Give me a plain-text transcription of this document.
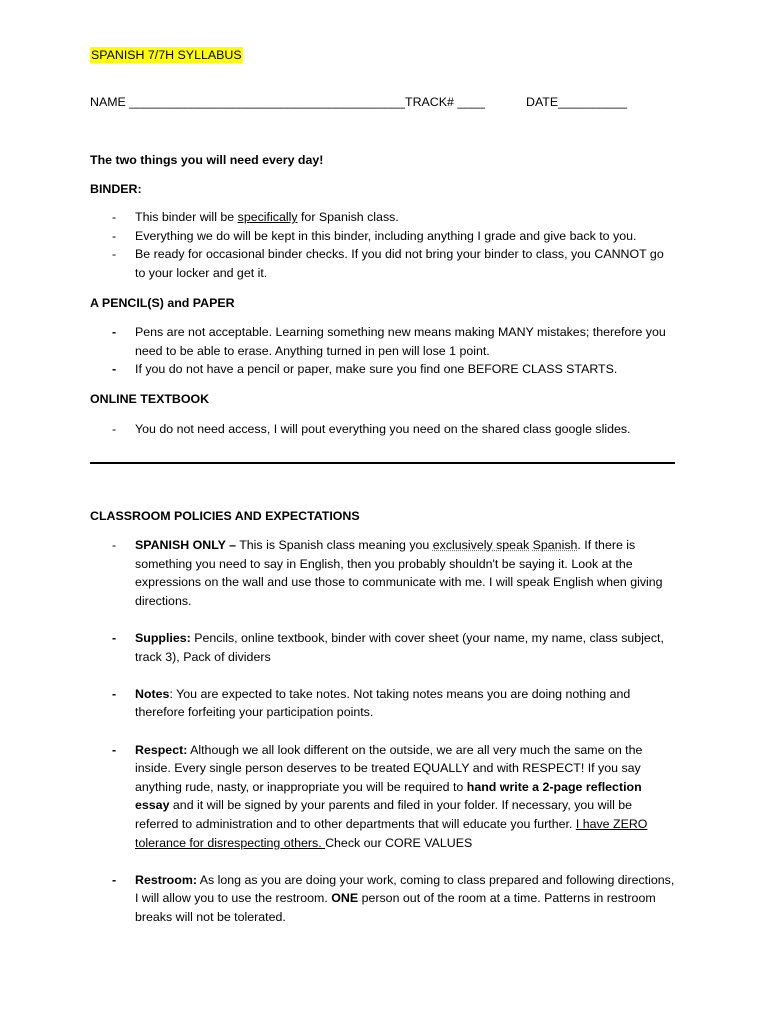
SPANISH 7/7H SYLLABUS
NAME ________________________________________ TRACK# ____	DATE__________
The two things you will need every day!
BINDER:
- This binder will be specifically for Spanish class.
- Everything we do will be kept in this binder, including anything I grade and give back to you.
- Be ready for occasional binder checks. If you did not bring your binder to class, you CANNOT go to your locker and get it.
A PENCIL(S) and PAPER
- Pens are not acceptable. Learning something new means making MANY mistakes; therefore you need to be able to erase. Anything turned in pen will lose 1 point.
- If you do not have a pencil or paper, make sure you find one BEFORE CLASS STARTS.
ONLINE TEXTBOOK
- You do not need access, I will pout everything you need on the shared class google slides.
CLASSROOM POLICIES AND EXPECTATIONS
- SPANISH ONLY – This is Spanish class meaning you exclusively speak Spanish. If there is something you need to say in English, then you probably shouldn't be saying it. Look at the expressions on the wall and use those to communicate with me. I will speak English when giving directions.
- Supplies: Pencils, online textbook, binder with cover sheet (your name, my name, class subject, track 3), Pack of dividers
- Notes: You are expected to take notes. Not taking notes means you are doing nothing and therefore forfeiting your participation points.
- Respect: Although we all look different on the outside, we are all very much the same on the inside. Every single person deserves to be treated EQUALLY and with RESPECT! If you say anything rude, nasty, or inappropriate you will be required to hand write a 2-page reflection essay and it will be signed by your parents and filed in your folder. If necessary, you will be referred to administration and to other departments that will educate you further. I have ZERO tolerance for disrespecting others. Check our CORE VALUES
- Restroom: As long as you are doing your work, coming to class prepared and following directions, I will allow you to use the restroom. ONE person out of the room at a time. Patterns in restroom breaks will not be tolerated.
